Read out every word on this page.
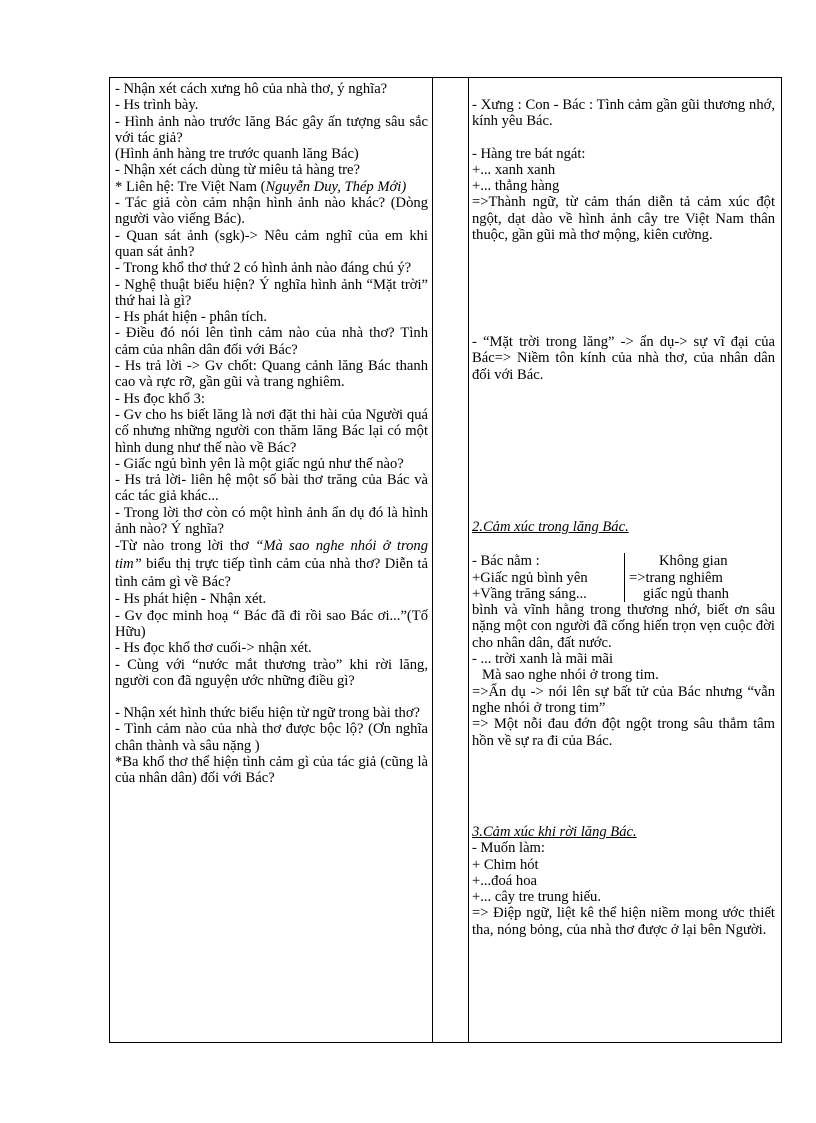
- Nhận xét cách xưng hô của nhà thơ, ý nghĩa?

- Hs trình bày.

- Hình ảnh nào trước lăng Bác gây ấn tượng sâu sắc với tác giả?

(Hình ảnh hàng tre trước quanh lăng Bác)

- Nhận xét cách dùng từ miêu tả hàng tre?

* Liên hệ: Tre Việt Nam (Nguyễn Duy, Thép Mới)

- Tác giả còn cảm nhận hình ảnh nào khác? (Dòng người vào viếng Bác).

- Quan sát ảnh (sgk)-> Nêu cảm nghĩ của em khi quan sát ảnh?

- Trong khổ thơ thứ 2 có hình ảnh nào đáng chú ý?

- Nghệ thuật biểu hiện? Ý nghĩa hình ảnh “Mặt trời” thứ hai là gì?

- Hs phát hiện - phân tích.

- Điều đó nói lên tình cảm nào của nhà thơ? Tình cảm của nhân dân đối với Bác?

- Hs trả lời -> Gv chốt: Quang cảnh lăng Bác thanh cao và rực rỡ, gần gũi và trang nghiêm.

- Hs đọc khổ 3:

- Gv cho hs biết lăng là nơi đặt thi hài của Người quá cố nhưng những người con thăm lăng Bác lại có một hình dung như thế nào về Bác?

- Giấc ngủ bình yên là một giấc ngủ như thế nào?

- Hs trả lời- liên hệ một số bài thơ trăng của Bác và các tác giả khác...

- Trong lời thơ còn có một hình ảnh ẩn dụ đó là hình ảnh nào? Ý nghĩa?

-Từ nào trong lời thơ “Mà sao nghe nhói ở trong tim” biểu thị trực tiếp tình cảm của nhà thơ? Diễn tả tình cảm gì về Bác?

- Hs phát hiện - Nhận xét.

- Gv đọc minh hoạ “ Bác đã đi rồi sao Bác ơi...”(Tố Hữu)

- Hs đọc khổ thơ cuối-> nhận xét.

- Cùng với “nước mắt thương trào” khi rời lăng, người con đã nguyện ước những điều gì?

- Nhận xét hình thức biểu hiện từ ngữ trong bài thơ?

- Tình cảm nào của nhà thơ được bộc lộ? (Ơn nghĩa chân thành và sâu nặng )

*Ba khổ thơ thể hiện tình cảm gì của tác giả (cũng là của nhân dân) đối với Bác?

- Xưng : Con - Bác : Tình cảm gần gũi thương nhớ, kính yêu Bác.

- Hàng tre bát ngát:

+... xanh xanh

+... thẳng hàng

=>Thành ngữ, từ cảm thán diễn tả cảm xúc đột ngột, dạt dào về hình ảnh cây tre Việt Nam thân thuộc, gần gũi mà thơ mộng, kiên cường.

- “Mặt trời trong lăng” -> ẩn dụ-> sự vĩ đại của Bác=> Niềm tôn kính của nhà thơ, của nhân dân đối với Bác.

2.Cảm xúc trong lăng Bác.

- Bác nằm :

+Giấc ngủ bình yên

+Vầng trăng sáng...

Không gian

=>trang nghiêm

giấc ngủ thanh

bình và vĩnh hằng trong thương nhớ, biết ơn sâu nặng một con người đã cống hiến trọn vẹn cuộc đời cho nhân dân, đất nước.

- ... trời xanh là mãi mãi

Mà sao nghe nhói ở trong tim.

=>Ẩn dụ -> nói lên sự bất tử của Bác nhưng “vẫn nghe nhói ở trong tim”

=> Một nỗi đau đớn đột ngột trong sâu thẳm tâm hồn về sự ra đi của Bác.

3.Cảm xúc khi rời lăng Bác.

- Muốn làm:

+ Chim hót

+...đoá hoa

+... cây tre trung hiếu.

=> Điệp ngữ, liệt kê thể hiện niềm mong ước thiết tha, nóng bỏng, của nhà thơ được ở lại bên Người.
